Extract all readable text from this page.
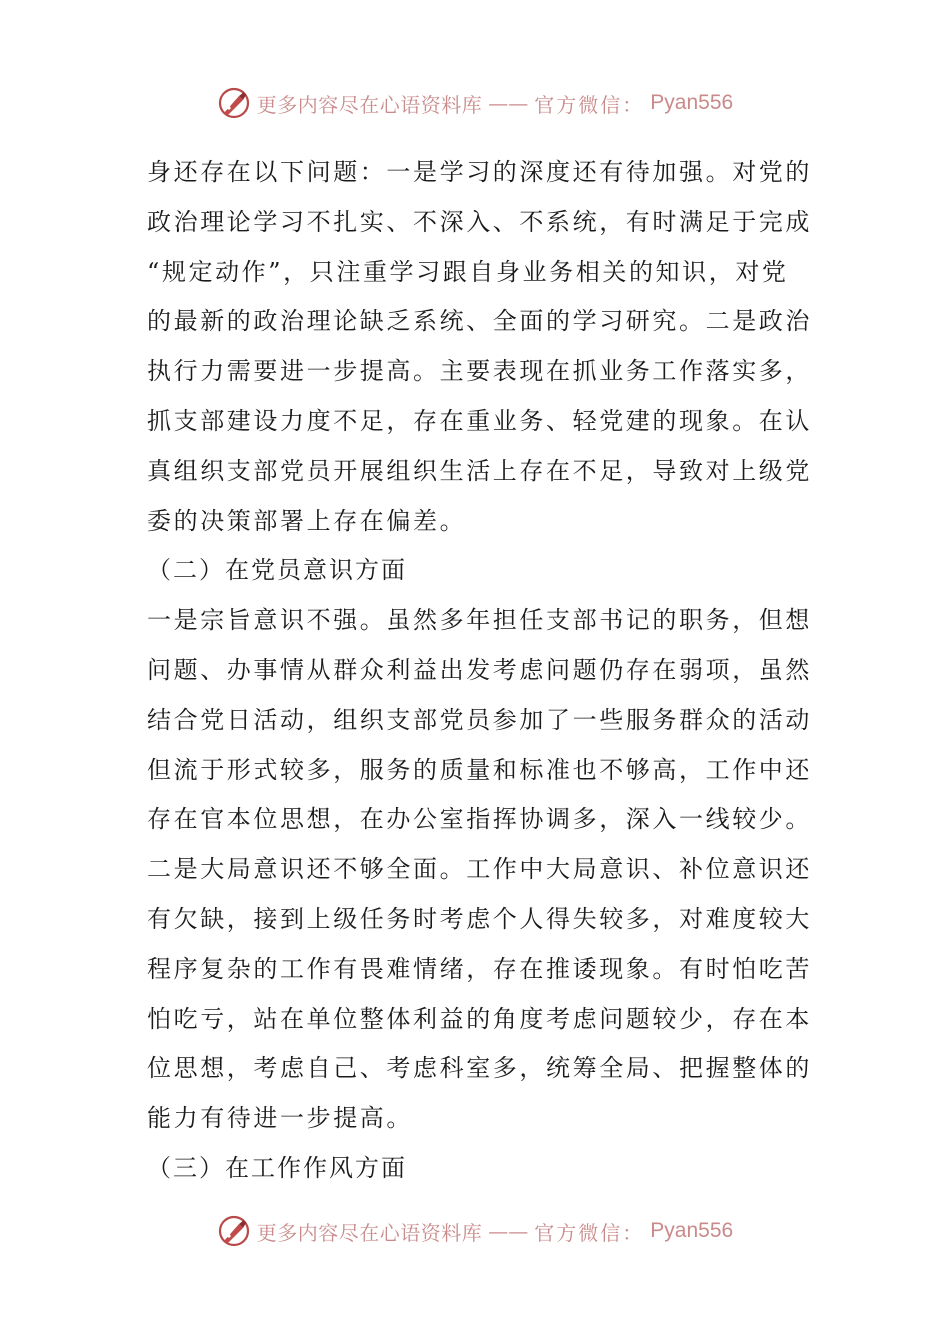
更多内容尽在心语资料库 —— 官方微信： Pyan556
身还存在以下问题：一是学习的深度还有待加强。对党的
政治理论学习不扎实、不深入、不系统，有时满足于完成
“规定动作”，只注重学习跟自身业务相关的知识，对党
的最新的政治理论缺乏系统、全面的学习研究。二是政治
执行力需要进一步提高。主要表现在抓业务工作落实多，
抓支部建设力度不足，存在重业务、轻党建的现象。在认
真组织支部党员开展组织生活上存在不足，导致对上级党
委的决策部署上存在偏差。
（二）在党员意识方面
一是宗旨意识不强。虽然多年担任支部书记的职务，但想
问题、办事情从群众利益出发考虑问题仍存在弱项，虽然
结合党日活动，组织支部党员参加了一些服务群众的活动
但流于形式较多，服务的质量和标准也不够高，工作中还
存在官本位思想，在办公室指挥协调多，深入一线较少。
二是大局意识还不够全面。工作中大局意识、补位意识还
有欠缺，接到上级任务时考虑个人得失较多，对难度较大
程序复杂的工作有畏难情绪，存在推诿现象。有时怕吃苦
怕吃亏，站在单位整体利益的角度考虑问题较少，存在本
位思想，考虑自己、考虑科室多，统筹全局、把握整体的
能力有待进一步提高。
（三）在工作作风方面
更多内容尽在心语资料库 —— 官方微信： Pyan556
